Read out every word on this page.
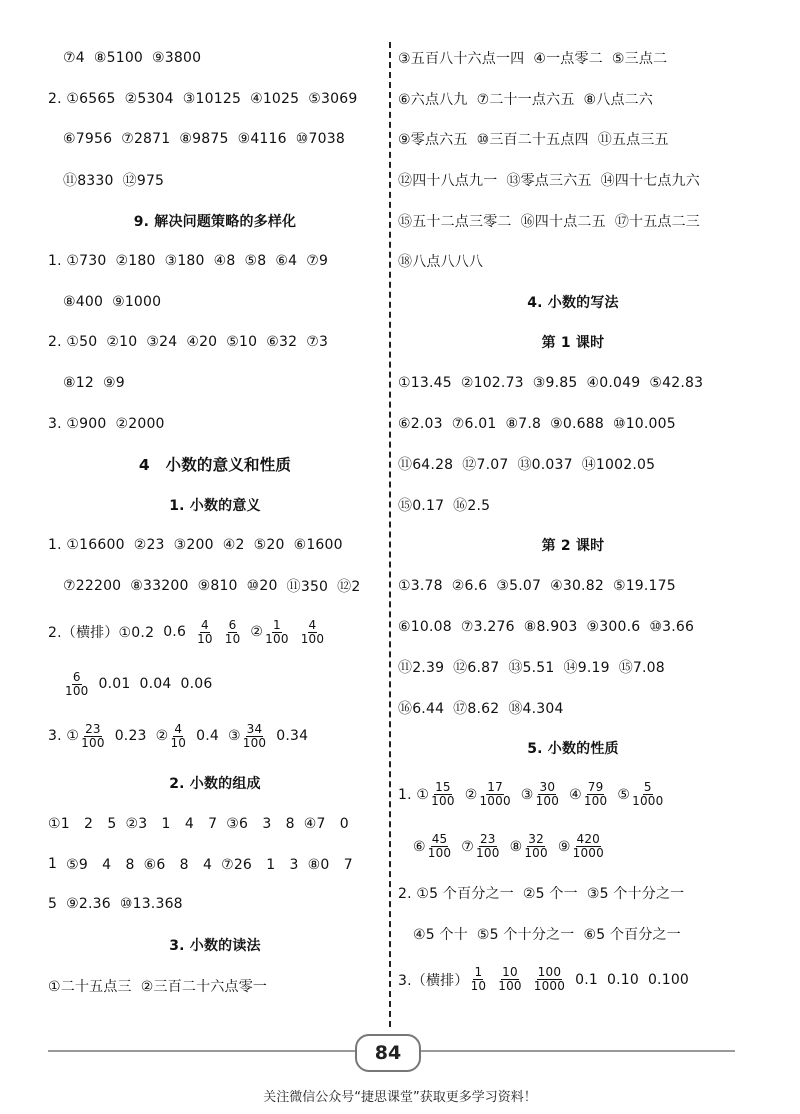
⑦4 ⑧5100 ⑨3800
2. ①6565 ②5304 ③10125 ④1025 ⑤3069
⑥7956 ⑦2871 ⑧9875 ⑨4116 ⑩7038
⑪8330 ⑫975
9. 解决问题策略的多样化
1. ①730 ②180 ③180 ④8 ⑤8 ⑥4 ⑦9
⑧400 ⑨1000
2. ①50 ②10 ③24 ④20 ⑤10 ⑥32 ⑦3
⑧12 ⑨9
3. ①900 ②2000
4　小数的意义和性质
1. 小数的意义
1. ①16600 ②23 ③200 ④2 ⑤20 ⑥1600
⑦22200 ⑧33200 ⑨810 ⑩20 ⑪350 ⑫2
2.（横排）①0.2 $0.6 \frac{4}{10} \frac{6}{10}$ ② $\frac{1}{100} \frac{4}{100}$
$\frac{6}{100} 0.01$ 0.04 0.06
3. ① $\frac{23}{100} 0.23$ ② $\frac{4}{10} 0.4$ ③ $\frac{34}{100} 0.34$
2. 小数的组成
①1　2　5 ②3　1　4　7 ③6　3　8 ④7　0
1 ⑤9　4　8 ⑥6　8　4 ⑦26　1　3 ⑧0　7
5 ⑨2.36 ⑩13.368
3. 小数的读法
①二十五点三 ②三百二十六点零一
③五百八十六点一四 ④一点零二 ⑤三点二
⑥六点八九 ⑦二十一点六五 ⑧八点二六
⑨零点六五 ⑩三百二十五点四 ⑪五点三五
⑫四十八点九一 ⑬零点三六五 ⑭四十七点九六
⑮五十二点三零二 ⑯四十点二五 ⑰十五点二三
⑱八点八八八
4. 小数的写法
第 1 课时
①13.45 ②102.73 ③9.85 ④0.049 ⑤42.83
⑥2.03 ⑦6.01 ⑧7.8 ⑨0.688 ⑩10.005
⑪64.28 ⑫7.07 ⑬0.037 ⑭1002.05
⑮0.17 ⑯2.5
第 2 课时
①3.78 ②6.6 ③5.07 ④30.82 ⑤19.175
⑥10.08 ⑦3.276 ⑧8.903 ⑨300.6 ⑩3.66
⑪2.39 ⑫6.87 ⑬5.51 ⑭9.19 ⑮7.08
⑯6.44 ⑰8.62 ⑱4.304
5. 小数的性质
1. ① $\frac{15}{100}$ ② $\frac{17}{1000}$ ③ $\frac{30}{100}$ ④ $\frac{79}{100}$ ⑤ $\frac{5}{1000}$
⑥ $\frac{45}{100}$ ⑦ $\frac{23}{100}$ ⑧ $\frac{32}{100}$ ⑨ $\frac{420}{1000}$
2. ①5 个百分之一 ②5 个一 ③5 个十分之一
④5 个十 ⑤5 个十分之一 ⑥5 个百分之一
3.（横排） $\frac{1}{10} \frac{10}{100} \frac{100}{1000} 0.1$ 0.10 0.100
84
关注微信公众号“捷思课堂”获取更多学习资料！
